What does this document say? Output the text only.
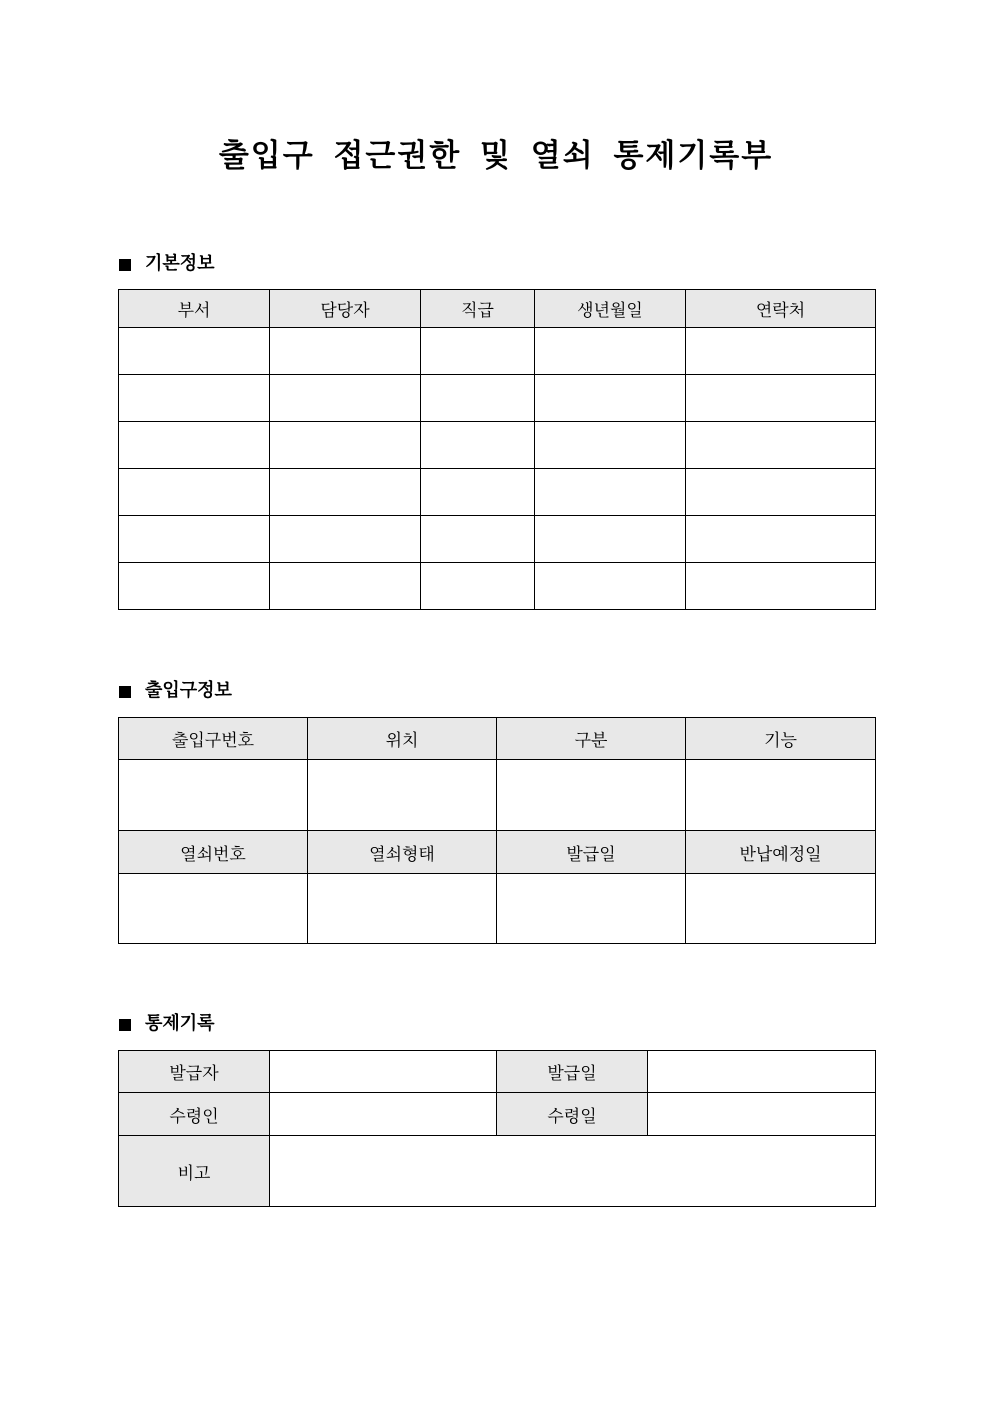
출입구 접근권한 및 열쇠 통제기록부
기본정보
부서	담당자	직급	생년월일	연락처

출입구정보
출입구번호	위치	구분	기능

열쇠번호	열쇠형태	발급일	반납예정일

통제기록
발급자		발급일	
수령인		수령일	
비고			
